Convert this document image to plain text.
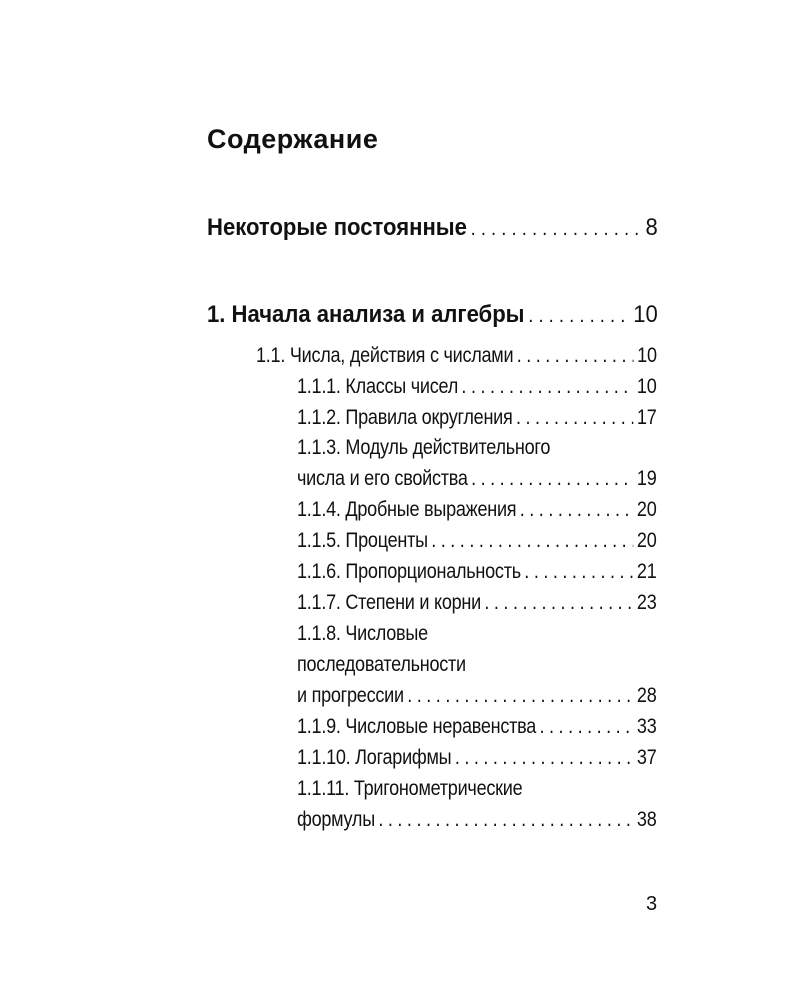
Содержание
Некоторые постоянные . . .	8
1. Начала анализа и алгебры . . .	10
1.1. Числа, действия с числами . . .	10
1.1.1. Классы чисел . . .	10
1.1.2. Правила округления . . .	17
1.1.3. Модуль действительного
числа и его свойства . . .	19
1.1.4. Дробные выражения . . .	20
1.1.5. Проценты . . .	20
1.1.6. Пропорциональность . . .	21
1.1.7. Степени и корни . . .	23
1.1.8. Числовые
последовательности
и прогрессии . . .	28
1.1.9. Числовые неравенства . . .	33
1.1.10. Логарифмы . . .	37
1.1.11. Тригонометрические
формулы . . .	38
3
